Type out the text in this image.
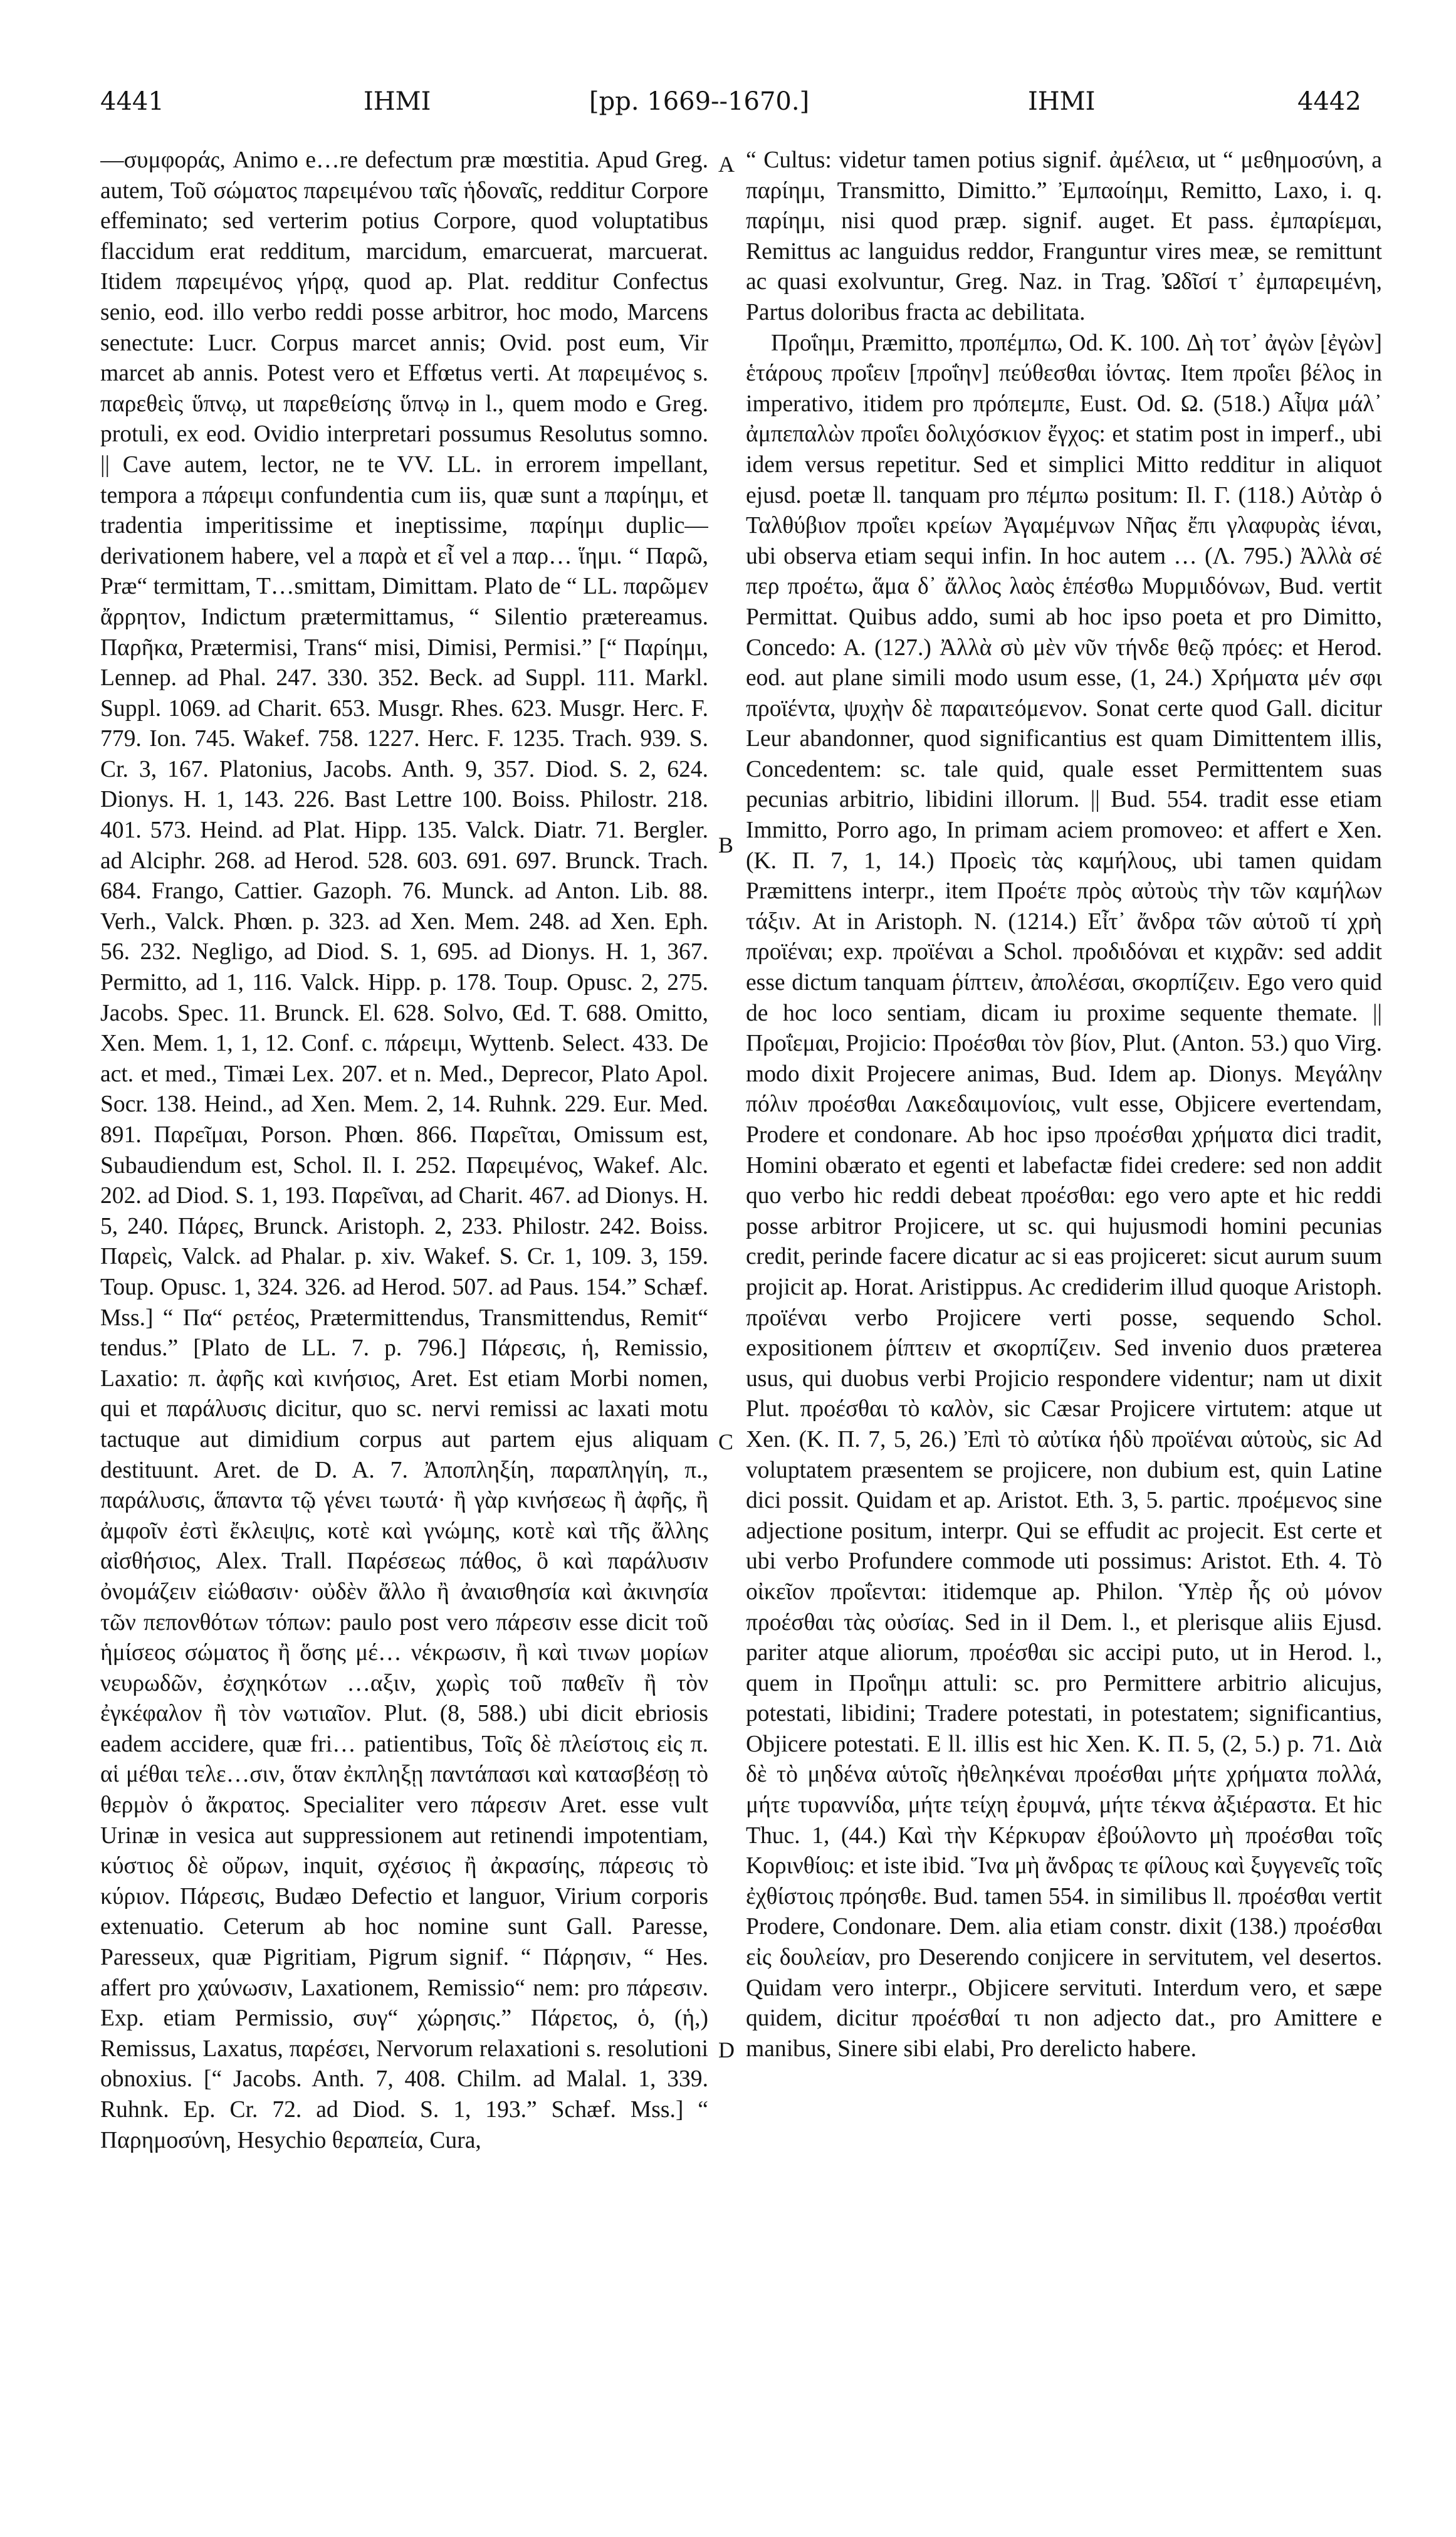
4441	ΙΗΜΙ	[pp. 1669--1670.]	ΙΗΜΙ	4442
A
B
C
D

—συμφοράς, Animo e…re defectum præ mœstitia. Apud Greg. autem, Τοῦ σώματος παρειμένου ταῖς ἡδοναῖς, redditur Corpore effeminato; sed verterim potius Corpore, quod voluptatibus flaccidum erat redditum, marcidum, emarcuerat, marcuerat. Itidem παρειμένος γήρᾳ, quod ap. Plat. redditur Confectus senio, eod. illo verbo reddi posse arbitror, hoc modo, Marcens senectute: Lucr. Corpus marcet annis; Ovid. post eum, Vir marcet ab annis. Potest vero et Effœtus verti. At παρειμένος s. παρεθεὶς ὕπνῳ, ut παρεθείσης ὕπνῳ in l., quem modo e Greg. protuli, ex eod. Ovidio interpretari possumus Resolutus somno. || Cave autem, lector, ne te VV. LL. in errorem impellant, tempora a πάρειμι confundentia cum iis, quæ sunt a παρίημι, et tradentia imperitissime et ineptissime, παρίημι duplic— derivationem habere, vel a παρὰ et εἶ vel a παρ… ἵημι. “ Παρῶ, Præ“ termittam, T…smittam, Dimittam. Plato de “ LL. παρῶμεν ἄρρητον, Indictum prætermittamus, “ Silentio prætereamus. Παρῆκα, Prætermisi, Trans“ misi, Dimisi, Permisi.” [“ Παρίημι, Lennep. ad Phal. 247. 330. 352. Beck. ad Suppl. 111. Markl. Suppl. 1069. ad Charit. 653. Musgr. Rhes. 623. Musgr. Herc. F. 779. Ion. 745. Wakef. 758. 1227. Herc. F. 1235. Trach. 939. S. Cr. 3, 167. Platonius, Jacobs. Anth. 9, 357. Diod. S. 2, 624. Dionys. H. 1, 143. 226. Bast Lettre 100. Boiss. Philostr. 218. 401. 573. Heind. ad Plat. Hipp. 135. Valck. Diatr. 71. Bergler. ad Alciphr. 268. ad Herod. 528. 603. 691. 697. Brunck. Trach. 684. Frango, Cattier. Gazoph. 76. Munck. ad Anton. Lib. 88. Verh., Valck. Phœn. p. 323. ad Xen. Mem. 248. ad Xen. Eph. 56. 232. Negligo, ad Diod. S. 1, 695. ad Dionys. H. 1, 367. Permitto, ad 1, 116. Valck. Hipp. p. 178. Toup. Opusc. 2, 275. Jacobs. Spec. 11. Brunck. El. 628. Solvo, Œd. T. 688. Omitto, Xen. Mem. 1, 1, 12. Conf. c. πάρειμι, Wyttenb. Select. 433. De act. et med., Timæi Lex. 207. et n. Med., Deprecor, Plato Apol. Socr. 138. Heind., ad Xen. Mem. 2, 14. Ruhnk. 229. Eur. Med. 891. Παρεῖμαι, Porson. Phœn. 866. Παρεῖται, Omissum est, Subaudiendum est, Schol. Il. I. 252. Παρειμένος, Wakef. Alc. 202. ad Diod. S. 1, 193. Παρεῖναι, ad Charit. 467. ad Dionys. H. 5, 240. Πάρες, Brunck. Aristoph. 2, 233. Philostr. 242. Boiss. Παρεὶς, Valck. ad Phalar. p. xiv. Wakef. S. Cr. 1, 109. 3, 159. Toup. Opusc. 1, 324. 326. ad Herod. 507. ad Paus. 154.” Schæf. Mss.] “ Πα“ ρετέος, Prætermittendus, Transmittendus, Remit“ tendus.” [Plato de LL. 7. p. 796.] Πάρεσις, ἡ, Remissio, Laxatio: π. ἀφῆς καὶ κινήσιος, Aret. Est etiam Morbi nomen, qui et παράλυσις dicitur, quo sc. nervi remissi ac laxati motu tactuque aut dimidium corpus aut partem ejus aliquam destituunt. Aret. de D. A. 7. Ἀποπληξίη, παραπληγίη, π., παράλυσις, ἅπαντα τῷ γένει τωυτά· ἢ γὰρ κινήσεως ἢ ἀφῆς, ἢ ἀμφοῖν ἐστὶ ἔκλειψις, κοτὲ καὶ γνώμης, κοτὲ καὶ τῆς ἄλλης αἰσθήσιος, Alex. Trall. Παρέσεως πάθος, ὃ καὶ παράλυσιν ὀνομάζειν εἰώθασιν· οὐδὲν ἄλλο ἢ ἀναισθησία καὶ ἀκινησία τῶν πεπονθότων τόπων: paulo post vero πάρεσιν esse dicit τοῦ ἡμίσεος σώματος ἢ ὅσης μέ… νέκρωσιν, ἢ καὶ τινων μορίων νευρωδῶν, ἐσχηκότων …αξιν, χωρὶς τοῦ παθεῖν ἢ τὸν ἐγκέφαλον ἢ τὸν νωτιαῖον. Plut. (8, 588.) ubi dicit ebriosis eadem accidere, quæ fri… patientibus, Τοῖς δὲ πλείστοις εἰς π. αἱ μέθαι τελε…σιν, ὅταν ἐκπληξῃ παντάπασι καὶ κατασβέσῃ τὸ θερμὸν ὁ ἄκρατος. Specialiter vero πάρεσιν Aret. esse vult Urinæ in vesica aut suppressionem aut retinendi impotentiam, κύστιος δὲ οὔρων, inquit, σχέσιος ἢ ἀκρασίης, πάρεσις τὸ κύριον. Πάρεσις, Budæo Defectio et languor, Virium corporis extenuatio. Ceterum ab hoc nomine sunt Gall. Paresse, Paresseux, quæ Pigritiam, Pigrum signif. “ Πάρησιν, “ Hes. affert pro χαύνωσιν, Laxationem, Remissio“ nem: pro πάρεσιν. Exp. etiam Permissio, συγ“ χώρησις.” Πάρετος, ὁ, (ἡ,) Remissus, Laxatus, παρέσει, Nervorum relaxationi s. resolutioni obnoxius. [“ Jacobs. Anth. 7, 408. Chilm. ad Malal. 1, 339. Ruhnk. Ep. Cr. 72. ad Diod. S. 1, 193.” Schæf. Mss.] “ Παρημοσύνη, Hesychio θεραπεία, Cura,

“ Cultus: videtur tamen potius signif. ἀμέλεια, ut “ μεθημοσύνη, a παρίημι, Transmitto, Dimitto.” Ἐμπαοίημι, Remitto, Laxo, i. q. παρίημι, nisi quod præp. signif. auget. Et pass. ἐμπαρίεμαι, Remittus ac languidus reddor, Franguntur vires meæ, se remittunt ac quasi exolvuntur, Greg. Naz. in Trag. Ὠδῖσί τ᾽ ἐμπαρειμένη, Partus doloribus fracta ac debilitata.

Προΐημι, Præmitto, προπέμπω, Od. K. 100. Δὴ τοτ᾽ ἀγὼν [ἐγὼν] ἑτάρους προΐειν [προΐην] πεύθεσθαι ἰόντας. Item προΐει βέλος in imperativo, itidem pro πρόπεμπε, Eust. Od. Ω. (518.) Αἶψα μάλ᾽ ἀμπεπαλὼν προΐει δολιχόσκιον ἔγχος: et statim post in imperf., ubi idem versus repetitur. Sed et simplici Mitto redditur in aliquot ejusd. poetæ ll. tanquam pro πέμπω positum: Il. Γ. (118.) Αὐτὰρ ὁ Ταλθύβιον προΐει κρείων Ἀγαμέμνων Νῆας ἔπι γλαφυρὰς ἰέναι, ubi observa etiam sequi infin. In hoc autem … (Λ. 795.) Ἀλλὰ σέ περ προέτω, ἅμα δ᾽ ἄλλος λαὸς ἑπέσθω Μυρμιδόνων, Bud. vertit Permittat. Quibus addo, sumi ab hoc ipso poeta et pro Dimitto, Concedo: A. (127.) Ἀλλὰ σὺ μὲν νῦν τήνδε θεῷ πρόες: et Herod. eod. aut plane simili modo usum esse, (1, 24.) Χρήματα μέν σφι προϊέντα, ψυχὴν δὲ παραιτεόμενον. Sonat certe quod Gall. dicitur Leur abandonner, quod significantius est quam Dimittentem illis, Concedentem: sc. tale quid, quale esset Permittentem suas pecunias arbitrio, libidini illorum. || Bud. 554. tradit esse etiam Immitto, Porro ago, In primam aciem promoveo: et affert e Xen. (K. Π. 7, 1, 14.) Προεὶς τὰς καμήλους, ubi tamen quidam Præmittens interpr., item Προέτε πρὸς αὐτοὺς τὴν τῶν καμήλων τάξιν. At in Aristoph. N. (1214.) Εἶτ᾽ ἄνδρα τῶν αὑτοῦ τί χρὴ προϊέναι; exp. προϊέναι a Schol. προδιδόναι et κιχρᾶν: sed addit esse dictum tanquam ῥίπτειν, ἀπολέσαι, σκορπίζειν. Ego vero quid de hoc loco sentiam, dicam iu proxime sequente themate. || Προΐεμαι, Projicio: Προέσθαι τὸν βίον, Plut. (Anton. 53.) quo Virg. modo dixit Projecere animas, Bud. Idem ap. Dionys. Μεγάλην πόλιν προέσθαι Λακεδαιμονίοις, vult esse, Objicere evertendam, Prodere et condonare. Ab hoc ipso προέσθαι χρήματα dici tradit, Homini obærato et egenti et labefactæ fidei credere: sed non addit quo verbo hic reddi debeat προέσθαι: ego vero apte et hic reddi posse arbitror Projicere, ut sc. qui hujusmodi homini pecunias credit, perinde facere dicatur ac si eas projiceret: sicut aurum suum projicit ap. Horat. Aristippus. Ac crediderim illud quoque Aristoph. προϊέναι verbo Projicere verti posse, sequendo Schol. expositionem ῥίπτειν et σκορπίζειν. Sed invenio duos præterea usus, qui duobus verbi Projicio respondere videntur; nam ut dixit Plut. προέσθαι τὸ καλὸν, sic Cæsar Projicere virtutem: atque ut Xen. (K. Π. 7, 5, 26.) Ἐπὶ τὸ αὐτίκα ἡδὺ προϊέναι αὑτοὺς, sic Ad voluptatem præsentem se projicere, non dubium est, quin Latine dici possit. Quidam et ap. Aristot. Eth. 3, 5. partic. προέμενος sine adjectione positum, interpr. Qui se effudit ac projecit. Est certe et ubi verbo Profundere commode uti possimus: Aristot. Eth. 4. Τὸ οἰκεῖον προΐενται: itidemque ap. Philon. Ὑπὲρ ἧς οὐ μόνον προέσθαι τὰς οὐσίας. Sed in il Dem. l., et plerisque aliis Ejusd. pariter atque aliorum, προέσθαι sic accipi puto, ut in Herod. l., quem in Προΐημι attuli: sc. pro Permittere arbitrio alicujus, potestati, libidini; Tradere potestati, in potestatem; significantius, Objicere potestati. E ll. illis est hic Xen. K. Π. 5, (2, 5.) p. 71. Διὰ δὲ τὸ μηδένα αὑτοῖς ἠθεληκέναι προέσθαι μήτε χρήματα πολλά, μήτε τυραννίδα, μήτε τείχη ἐρυμνά, μήτε τέκνα ἀξιέραστα. Et hic Thuc. 1, (44.) Καὶ τὴν Κέρκυραν ἐβούλοντο μὴ προέσθαι τοῖς Κορινθίοις: et iste ibid. Ἵνα μὴ ἄνδρας τε φίλους καὶ ξυγγενεῖς τοῖς ἐχθίστοις πρόησθε. Bud. tamen 554. in similibus ll. προέσθαι vertit Prodere, Condonare. Dem. alia etiam constr. dixit (138.) προέσθαι εἰς δουλείαν, pro Deserendo conjicere in servitutem, vel desertos. Quidam vero interpr., Objicere servituti. Interdum vero, et sæpe quidem, dicitur προέσθαί τι non adjecto dat., pro Amittere e manibus, Sinere sibi elabi, Pro derelicto habere.
